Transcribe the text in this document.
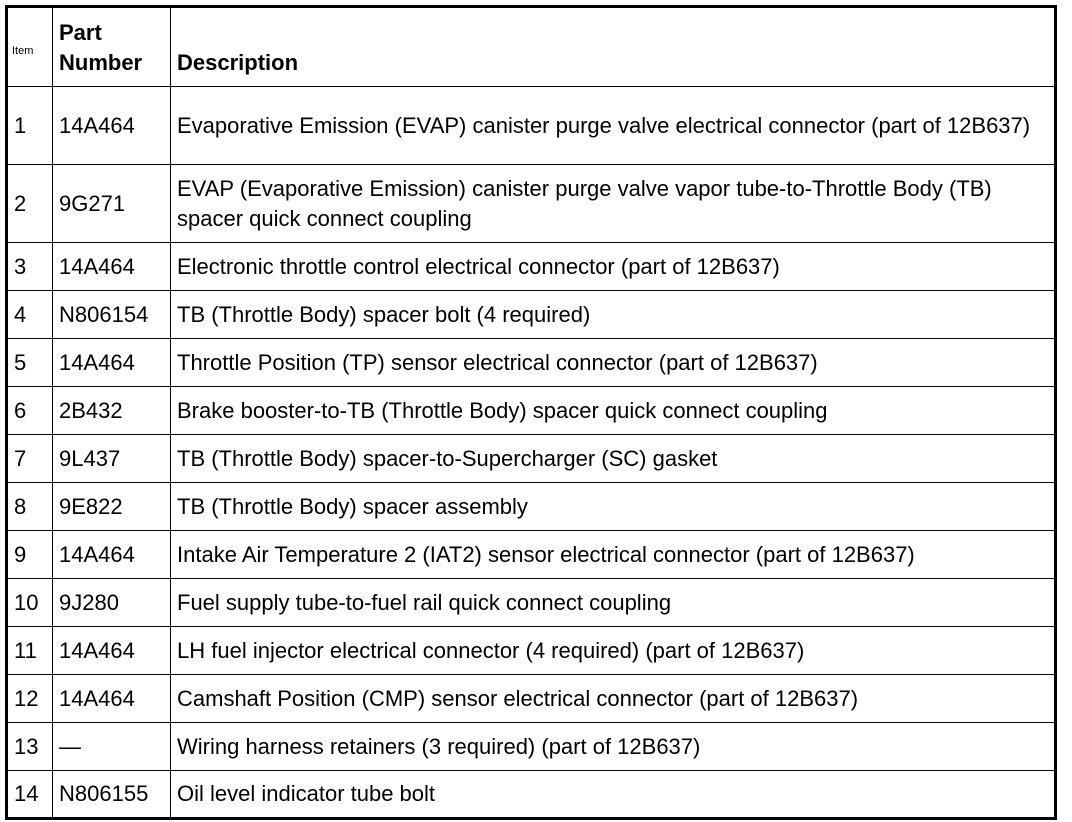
Item	Part Number	Description
1	14A464	Evaporative Emission (EVAP) canister purge valve electrical connector (part of 12B637)
2	9G271	EVAP (Evaporative Emission) canister purge valve vapor tube-to-Throttle Body (TB) spacer quick connect coupling
3	14A464	Electronic throttle control electrical connector (part of 12B637)
4	N806154	TB (Throttle Body) spacer bolt (4 required)
5	14A464	Throttle Position (TP) sensor electrical connector (part of 12B637)
6	2B432	Brake booster-to-TB (Throttle Body) spacer quick connect coupling
7	9L437	TB (Throttle Body) spacer-to-Supercharger (SC) gasket
8	9E822	TB (Throttle Body) spacer assembly
9	14A464	Intake Air Temperature 2 (IAT2) sensor electrical connector (part of 12B637)
10	9J280	Fuel supply tube-to-fuel rail quick connect coupling
11	14A464	LH fuel injector electrical connector (4 required) (part of 12B637)
12	14A464	Camshaft Position (CMP) sensor electrical connector (part of 12B637)
13	—	Wiring harness retainers (3 required) (part of 12B637)
14	N806155	Oil level indicator tube bolt
